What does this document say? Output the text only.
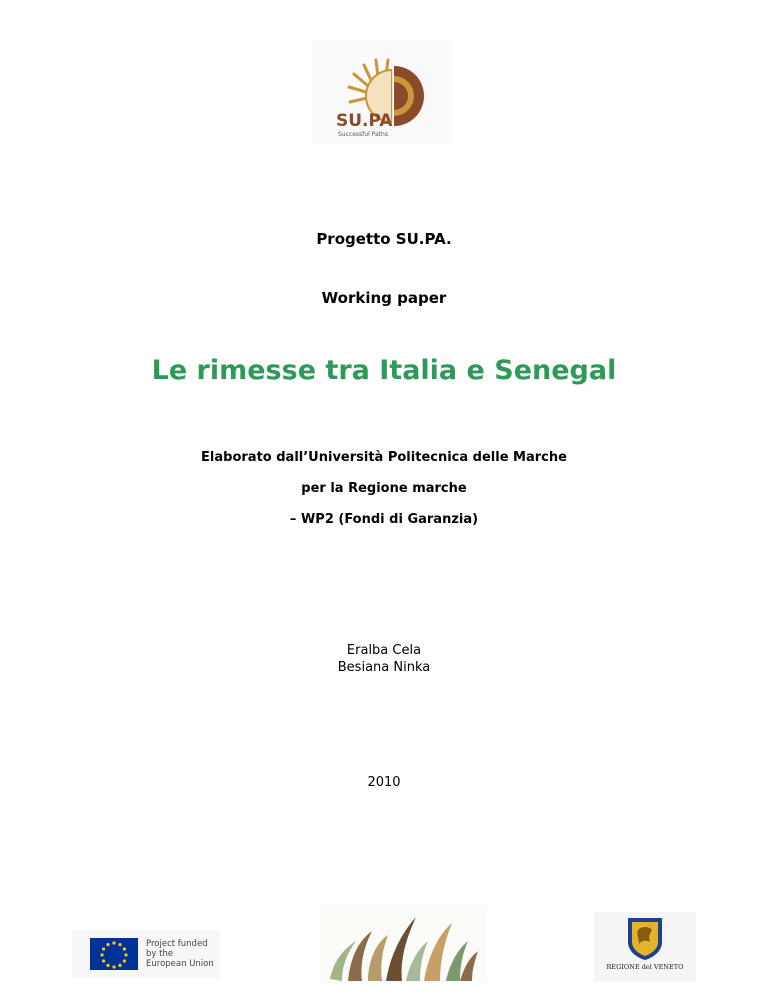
SU.PA.
Successful Paths
Progetto SU.PA.
Working paper
Le rimesse tra Italia e Senegal
Elaborato dall’Università Politecnica delle Marche
per la Regione marche
– WP2 (Fondi di Garanzia)
Eralba Cela
Besiana Ninka
2010
Project funded
by the
European Union	REGIONE del VENETO
